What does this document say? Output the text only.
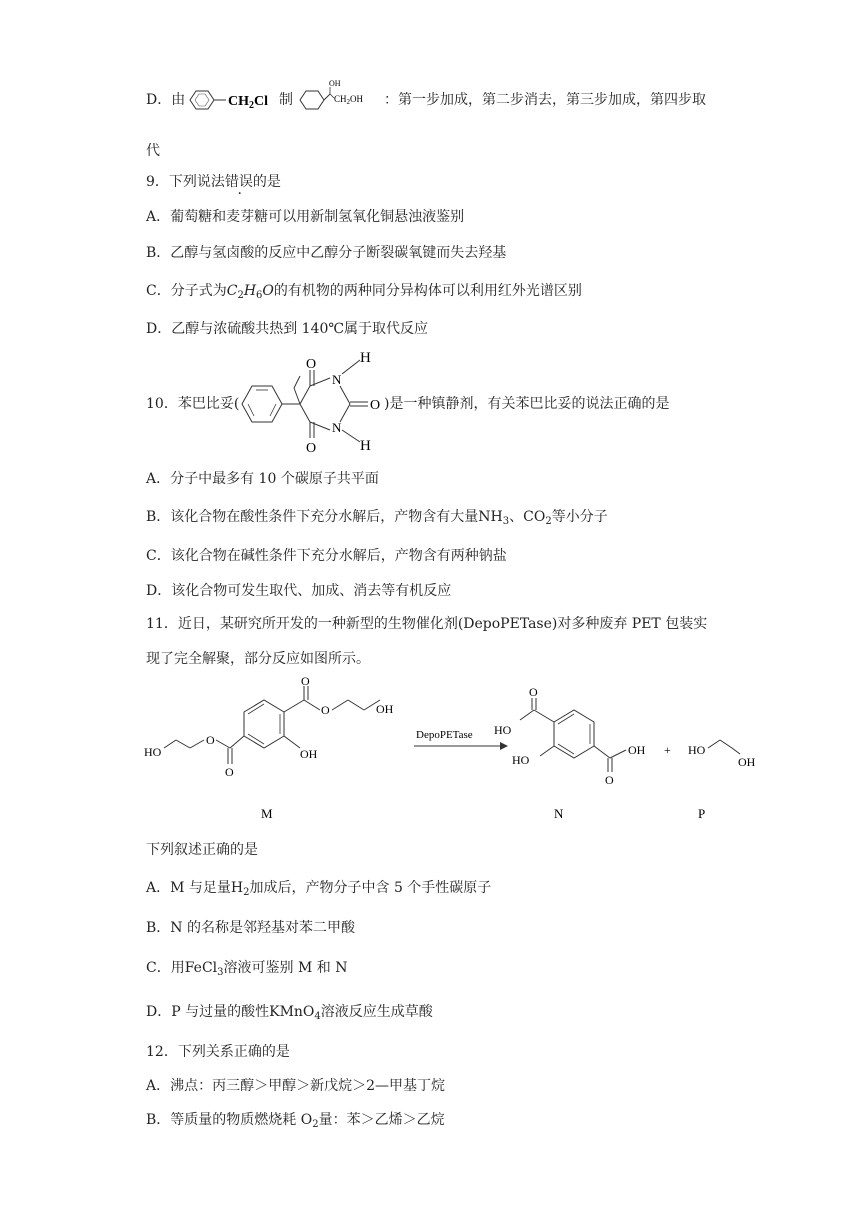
D．由	$CH_2Cl$ 制
OH
$CH_2OH$ ：第一步加成，第二步消去，第三步加成，第四步取
代
9．下列说法错误的是
A．葡萄糖和麦芽糖可以用新制氢氧化铜悬浊液鉴别
B．乙醇与氢卤酸的反应中乙醇分子断裂碳氧键而失去羟基
C．分子式为$C_2H_6O$的有机物的两种同分异构体可以利用红外光谱区别
D．乙醇与浓硫酸共热到 140℃属于取代反应
10．苯巴比妥(
O
O
O
N
N
H
H
)是一种镇静剂，有关苯巴比妥的说法正确的是
A．分子中最多有 10 个碳原子共平面
B．该化合物在酸性条件下充分水解后，产物含有大量$NH_3$、$CO_2$等小分子
C．该化合物在碱性条件下充分水解后，产物含有两种钠盐
D．该化合物可发生取代、加成、消去等有机反应
11．近日，某研究所开发的一种新型的生物催化剂(DepoPETase)对多种废弃 PET 包装实
现了完全解聚，部分反应如图所示。
O
O	OH
OH
O
O
HO
M
DepoPETase
O
HO
HO
O
OH
N
+ HO
OH
P
下列叙述正确的是
A．M 与足量$H_2$加成后，产物分子中含 5 个手性碳原子
B．N 的名称是邻羟基对苯二甲酸
C．用FeCl$_3$溶液可鉴别 M 和 N
D．P 与过量的酸性KMnO$_4$溶液反应生成草酸
12．下列关系正确的是
A．沸点：丙三醇＞甲醇＞新戊烷＞2—甲基丁烷
B．等质量的物质燃烧耗 $O_2$量：苯＞乙烯＞乙烷
